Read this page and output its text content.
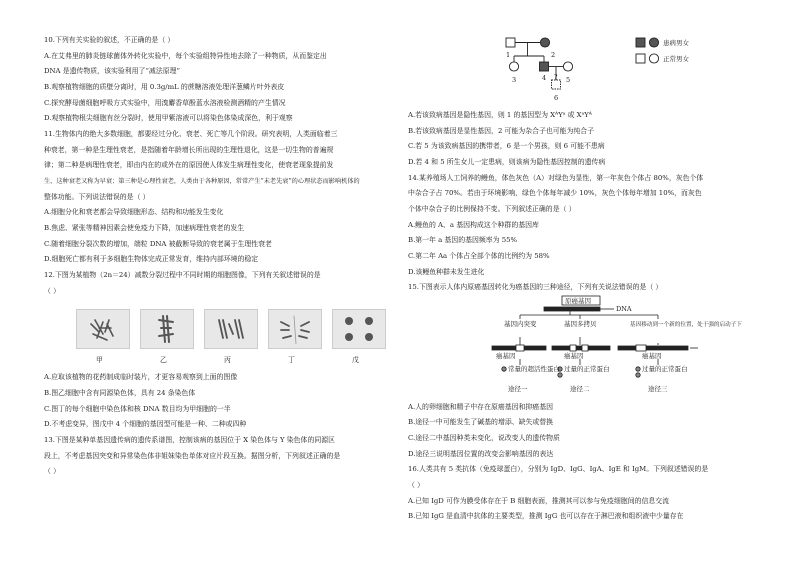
10.下列有关实验的叙述，不正确的是（ ）
A.在艾弗里的肺炎链球菌体外转化实验中，每个实验组特异性地去除了一种物质，从而鉴定出
DNA 是遗传物质，该实验利用了“减法原理”
B.观察植物细胞的质壁分离时，用 0.3g/mL 的蔗糖溶液处理洋葱鳞片叶外表皮
C.探究酵母菌细胞呼吸方式实验中，用溴麝香草酚蓝水溶液检测酒精的产生情况
D.观察植物根尖细胞有丝分裂时，使用甲紫溶液可以将染色体染成深色，利于观察
11.生物体内的绝大多数细胞，都要经过分化、衰老、死亡等几个阶段。研究表明，人类面临着三
种衰老，第一种是生理性衰老，是指随着年龄增长所出现的生理性退化，这是一切生物的普遍规
律；第二种是病理性衰老，即由内在的或外在的原因使人体发生病理性变化，使衰老现象提前发
生，这种衰老又称为早衰；第三种是心理性衰老，人类由于各种原因，常常产生“未老先衰”的心理状态而影响机体的
整体功能。下列说法错误的是（ ）
A.细胞分化和衰老都会导致细胞形态、结构和功能发生变化
B.焦虑、紧张等精神因素会使免疫力下降，加速病理性衰老的发生
C.随着细胞分裂次数的增加，端粒 DNA 被截断导致的衰老属于生理性衰老
D.细胞死亡都有利于多细胞生物体完成正常发育，维持内部环境的稳定
12.下图为某植物（2n＝24）减数分裂过程中不同时期的细胞图像，下列有关叙述错误的是
（ ）
甲	乙	丙	丁	戊
A.应取该植物的花药制成临时装片，才更容易观察到上面的图像
B.图乙细胞中含有同源染色体，具有 24 条染色体
C.图丁的每个细胞中染色体和核 DNA 数目均为甲细胞的一半
D.不考虑变异，图戊中 4 个细胞的基因型可能是一种、二种或四种
13.下图是某种单基因遗传病的遗传系谱图，控制该病的基因位于 X 染色体与 Y 染色体的同源区
段上，不考虑基因突变和异常染色体非姐妹染色单体对应片段互换。据图分析，下列叙述正确的是
（ ）
1	2
3	4	5
?
6
患病男女
正常男女
A.若该致病基因是隐性基因，则 1 的基因型为 XᴬYᵃ 或 XᵃYᴬ
B.若该致病基因是显性基因，2 可能为杂合子也可能为纯合子
C.若 5 为该致病基因的携带者，6 是一个男孩，则 6 可能不患病
D.若 4 和 5 所生女儿一定患病，则该病为隐性基因控制的遗传病
14.某养殖场人工饲养的鳗鱼，体色灰色（A）对绿色为显性，第一年灰色个体占 80%，灰色个体
中杂合子占 70%。若由于环境影响，绿色个体每年减少 10%，灰色个体每年增加 10%，而灰色
个体中杂合子的比例保持不变。下列叙述正确的是（ ）
A.鳗鱼的 A、a 基因构成这个种群的基因库
B.第一年 a 基因的基因频率为 55%
C.第二年 Aa 个体占全部个体的比例约为 58%
D.该鳗鱼种群未发生进化
15.下图表示人体内原癌基因转化为癌基因的三种途径，下列有关说法错误的是（ ）
原癌基因
DNA
基因内突变	基因多拷贝	基因移动到一个新的位置，处于强的启动子下
癌基因	癌基因	癌基因
常量的超活性蛋白 过量的正常蛋白	过量的正常蛋白
途径一	途径二	途径三
A.人的卵细胞和精子中存在原癌基因和抑癌基因
B.途径一中可能发生了碱基的增添、缺失或替换
C.途径二中基因种类未变化，说改变人的遗传物质
D.途径三说明基因位置的改变会影响基因的表达
16.人类共有 5 类抗体（免疫球蛋白），分别为 IgD、IgG、IgA、IgE 和 IgM。下列叙述错误的是
（ ）
A.已知 IgD 可作为膜受体存在于 B 细胞表面，推测其可以参与免疫细胞间的信息交流
B.已知 IgG 是血清中抗体的主要类型，推测 IgG 也可以存在于淋巴液和组织液中少量存在
